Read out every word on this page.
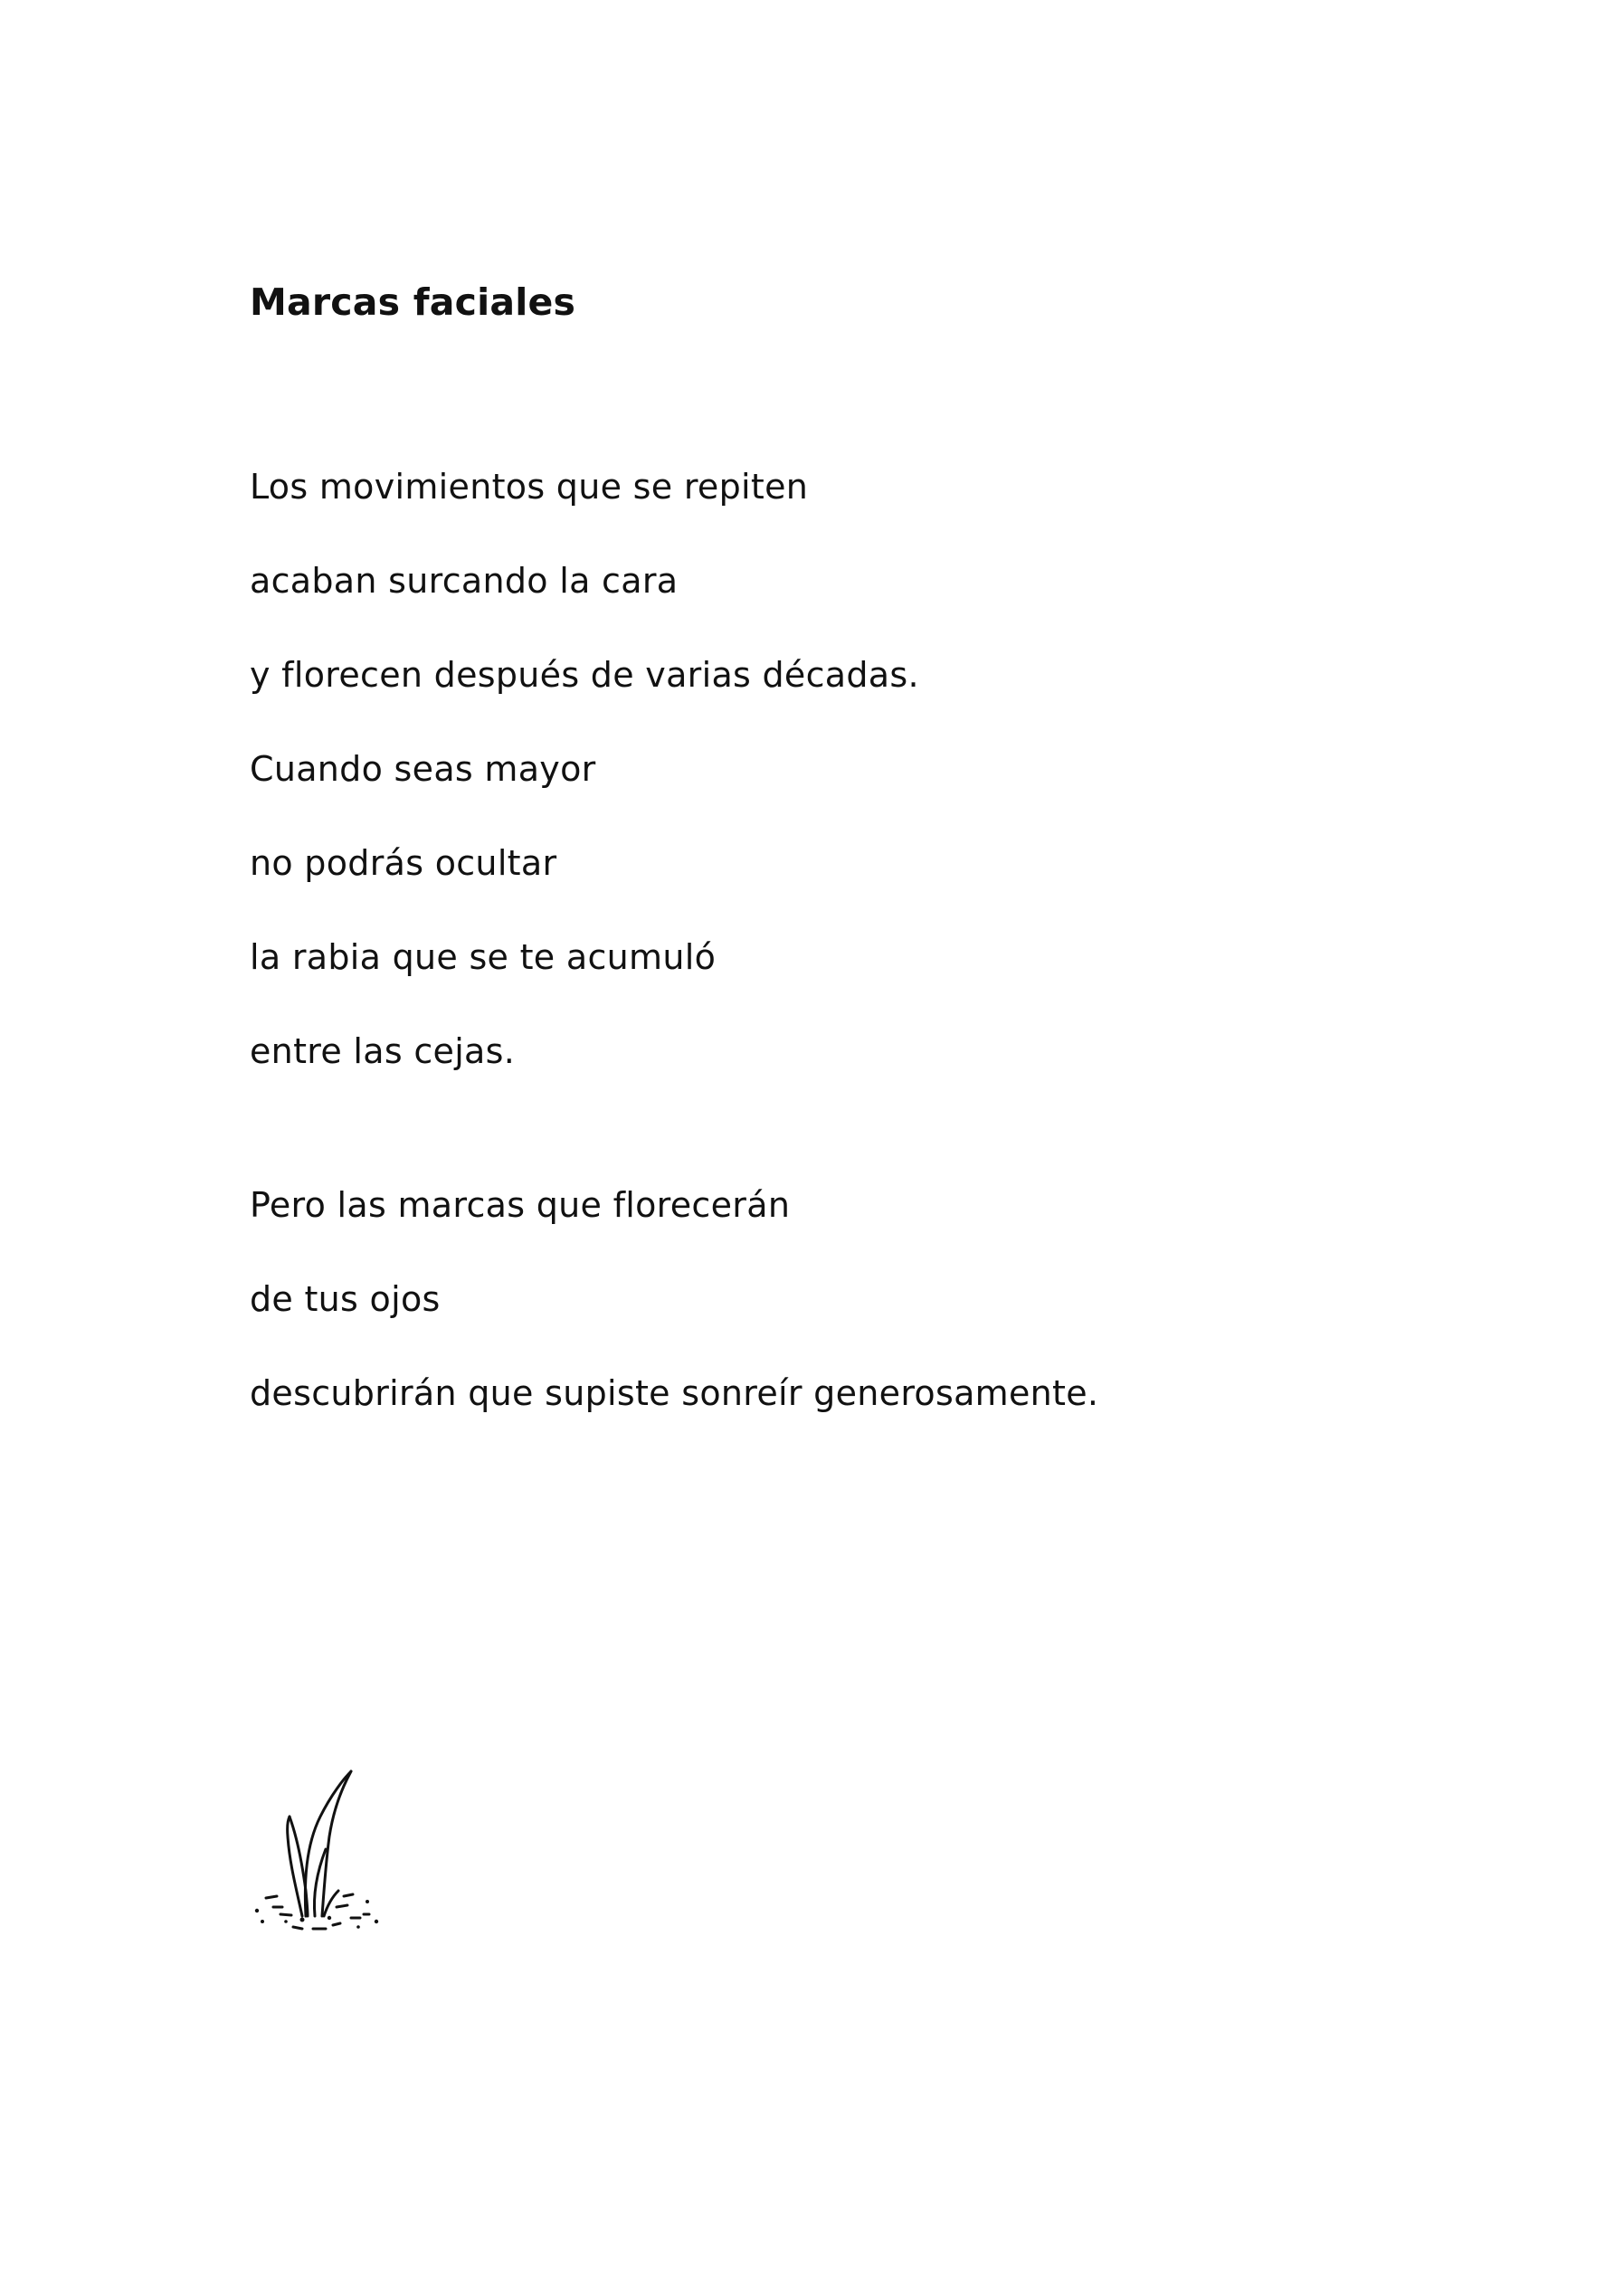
Marcas faciales
Los movimientos que se repiten
acaban surcando la cara
y florecen después de varias décadas.
Cuando seas mayor
no podrás ocultar
la rabia que se te acumuló
entre las cejas.
Pero las marcas que florecerán
de tus ojos
descubrirán que supiste sonreír generosamente.
